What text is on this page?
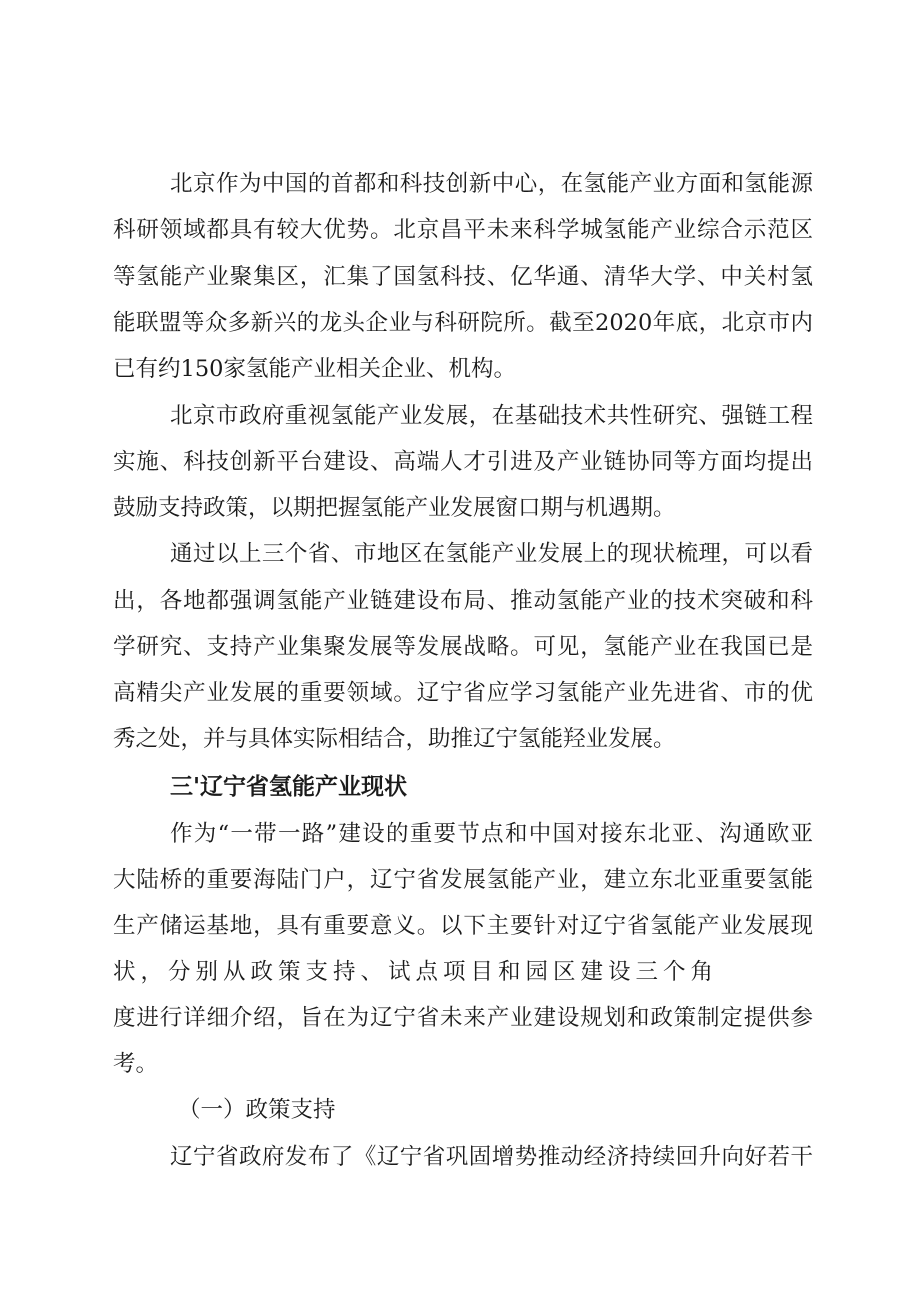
北京作为中国的首都和科技创新中心，在氢能产业方面和氢能源
科研领域都具有较大优势。北京昌平未来科学城氢能产业综合示范区
等氢能产业聚集区，汇集了国氢科技、亿华通、清华大学、中关村氢
能联盟等众多新兴的龙头企业与科研院所。截至2020年底，北京市内
已有约150家氢能产业相关企业、机构。
北京市政府重视氢能产业发展，在基础技术共性研究、强链工程
实施、科技创新平台建设、高端人才引进及产业链协同等方面均提出
鼓励支持政策，以期把握氢能产业发展窗口期与机遇期。
通过以上三个省、市地区在氢能产业发展上的现状梳理，可以看
出，各地都强调氢能产业链建设布局、推动氢能产业的技术突破和科
学研究、支持产业集聚发展等发展战略。可见，氢能产业在我国已是
高精尖产业发展的重要领域。辽宁省应学习氢能产业先进省、市的优
秀之处，并与具体实际相结合，助推辽宁氢能羟业发展。
三'辽宁省氢能产业现状
作为“一带一路”建设的重要节点和中国对接东北亚、沟通欧亚
大陆桥的重要海陆门户，辽宁省发展氢能产业，建立东北亚重要氢能
生产储运基地，具有重要意义。以下主要针对辽宁省氢能产业发展现
状，分别从政策支持、试点项目和园区建设三个角
度进行详细介绍，旨在为辽宁省未来产业建设规划和政策制定提供参
考。
（一）政策支持
辽宁省政府发布了《辽宁省巩固增势推动经济持续回升向好若干
